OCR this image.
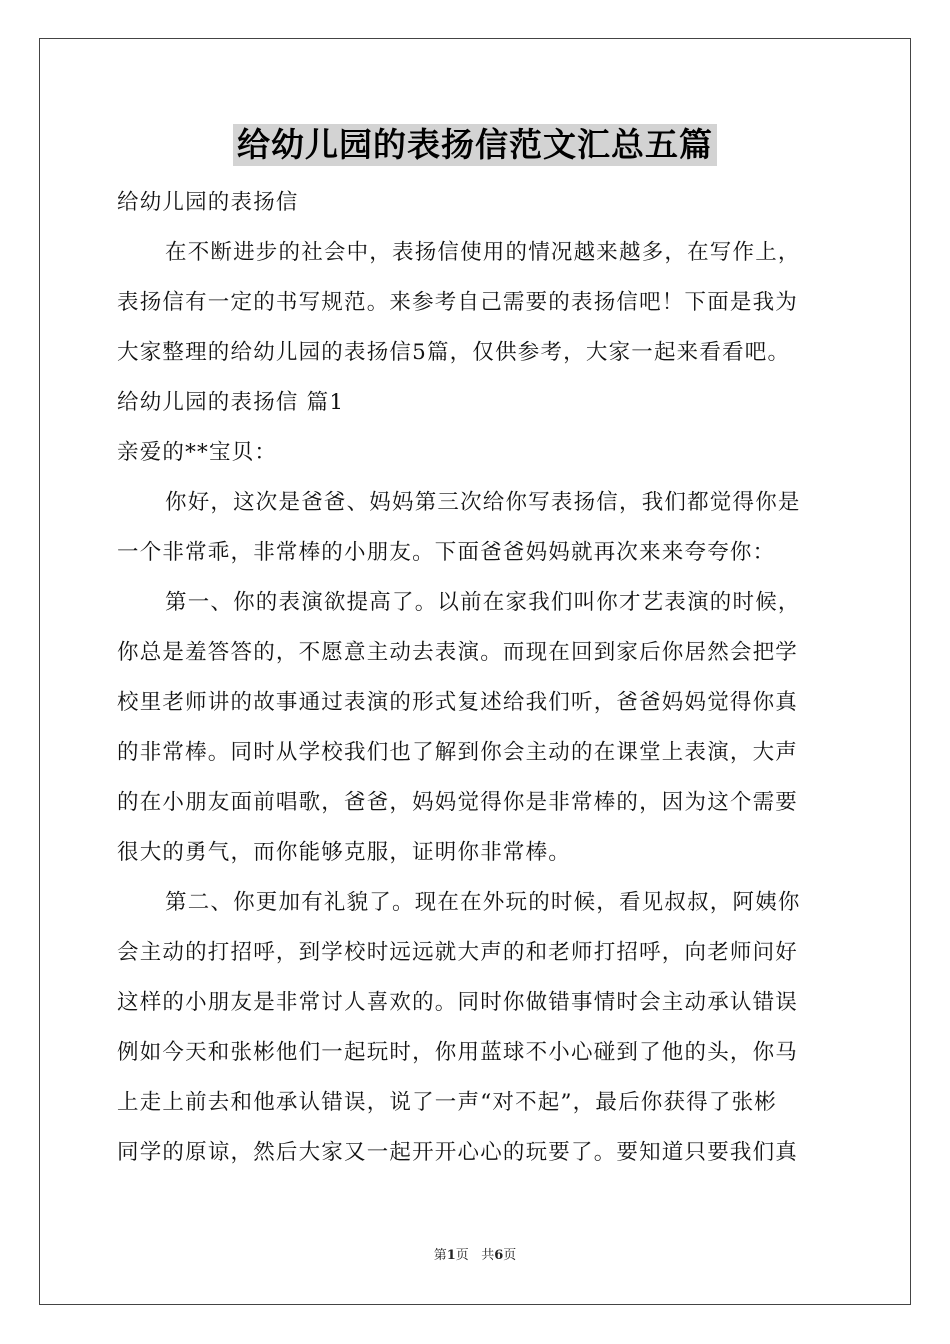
给幼儿园的表扬信范文汇总五篇
给幼儿园的表扬信
在不断进步的社会中，表扬信使用的情况越来越多，在写作上，
表扬信有一定的书写规范。来参考自己需要的表扬信吧！下面是我为
大家整理的给幼儿园的表扬信5篇，仅供参考，大家一起来看看吧。
给幼儿园的表扬信 篇1
亲爱的**宝贝：
你好，这次是爸爸、妈妈第三次给你写表扬信，我们都觉得你是
一个非常乖，非常棒的小朋友。下面爸爸妈妈就再次来来夸夸你：
第一、你的表演欲提高了。以前在家我们叫你才艺表演的时候，
你总是羞答答的，不愿意主动去表演。而现在回到家后你居然会把学
校里老师讲的故事通过表演的形式复述给我们听，爸爸妈妈觉得你真
的非常棒。同时从学校我们也了解到你会主动的在课堂上表演，大声
的在小朋友面前唱歌，爸爸，妈妈觉得你是非常棒的，因为这个需要
很大的勇气，而你能够克服，证明你非常棒。
第二、你更加有礼貌了。现在在外玩的时候，看见叔叔，阿姨你
会主动的打招呼，到学校时远远就大声的和老师打招呼，向老师问好
这样的小朋友是非常讨人喜欢的。同时你做错事情时会主动承认错误
例如今天和张彬他们一起玩时，你用蓝球不小心碰到了他的头，你马
上走上前去和他承认错误，说了一声“对不起”，最后你获得了张彬
同学的原谅，然后大家又一起开开心心的玩要了。要知道只要我们真
第1页 共6页
